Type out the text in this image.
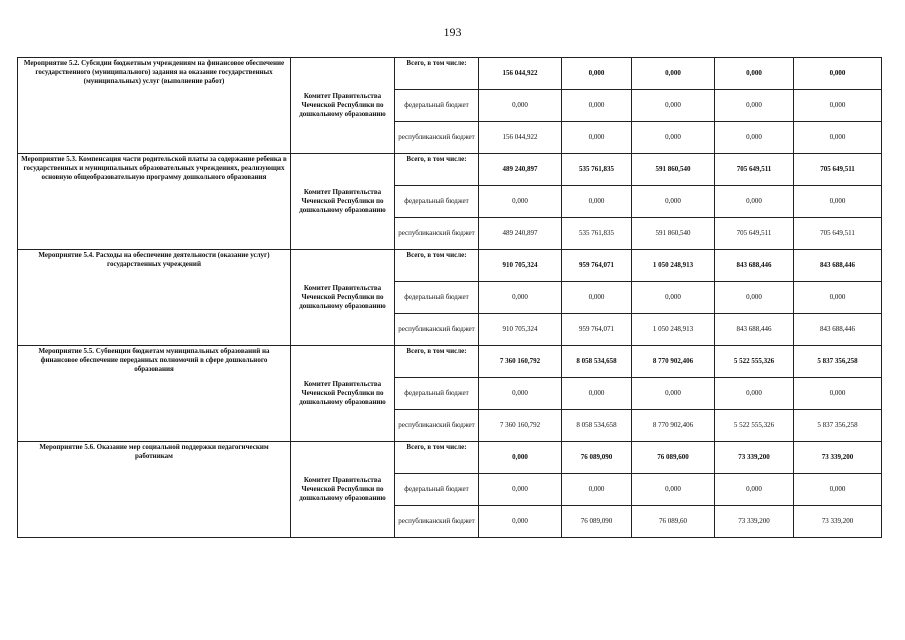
193
Мероприятие 5.2. Субсидии бюджетным учреждениям на финансовое обеспечение государственного (муниципального) задания на оказание государственных (муниципальных) услуг (выполнение работ)	Комитет Правительства Чеченской Республики по дошкольному образованию	Всего, в том числе:	156 044,922	0,000	0,000	0,000	0,000
		федеральный бюджет	0,000	0,000	0,000	0,000	0,000
		республиканский бюджет	156 044,922	0,000	0,000	0,000	0,000
Мероприятие 5.3. Компенсация части родительской платы за содержание ребенка в государственных и муниципальных образовательных учреждениях, реализующих основную общеобразовательную программу дошкольного образования	Комитет Правительства Чеченской Республики по дошкольному образованию	Всего, в том числе:	489 240,897	535 761,835	591 860,540	705 649,511	705 649,511
		федеральный бюджет	0,000	0,000	0,000	0,000	0,000
		республиканский бюджет	489 240,897	535 761,835	591 860,540	705 649,511	705 649,511
Мероприятие 5.4. Расходы на обеспечение деятельности (оказание услуг) государственных учреждений	Комитет Правительства Чеченской Республики по дошкольному образованию	Всего, в том числе:	910 705,324	959 764,071	1 050 248,913	843 688,446	843 688,446
		федеральный бюджет	0,000	0,000	0,000	0,000	0,000
		республиканский бюджет	910 705,324	959 764,071	1 050 248,913	843 688,446	843 688,446
Мероприятие 5.5. Субвенции бюджетам муниципальных образований на финансовое обеспечение переданных полномочий в сфере дошкольного образования	Комитет Правительства Чеченской Республики по дошкольному образованию	Всего, в том числе:	7 360 160,792	8 058 534,658	8 770 902,406	5 522 555,326	5 837 356,258
		федеральный бюджет	0,000	0,000	0,000	0,000	0,000
		республиканский бюджет	7 360 160,792	8 058 534,658	8 770 902,406	5 522 555,326	5 837 356,258
Мероприятие 5.6. Оказание мер социальной поддержки педагогическим работникам	Комитет Правительства Чеченской Республики по дошкольному образованию	Всего, в том числе:	0,000	76 089,090	76 089,600	73 339,200	73 339,200
		федеральный бюджет	0,000	0,000	0,000	0,000	0,000
		республиканский бюджет	0,000	76 089,090	76 089,60	73 339,200	73 339,200
